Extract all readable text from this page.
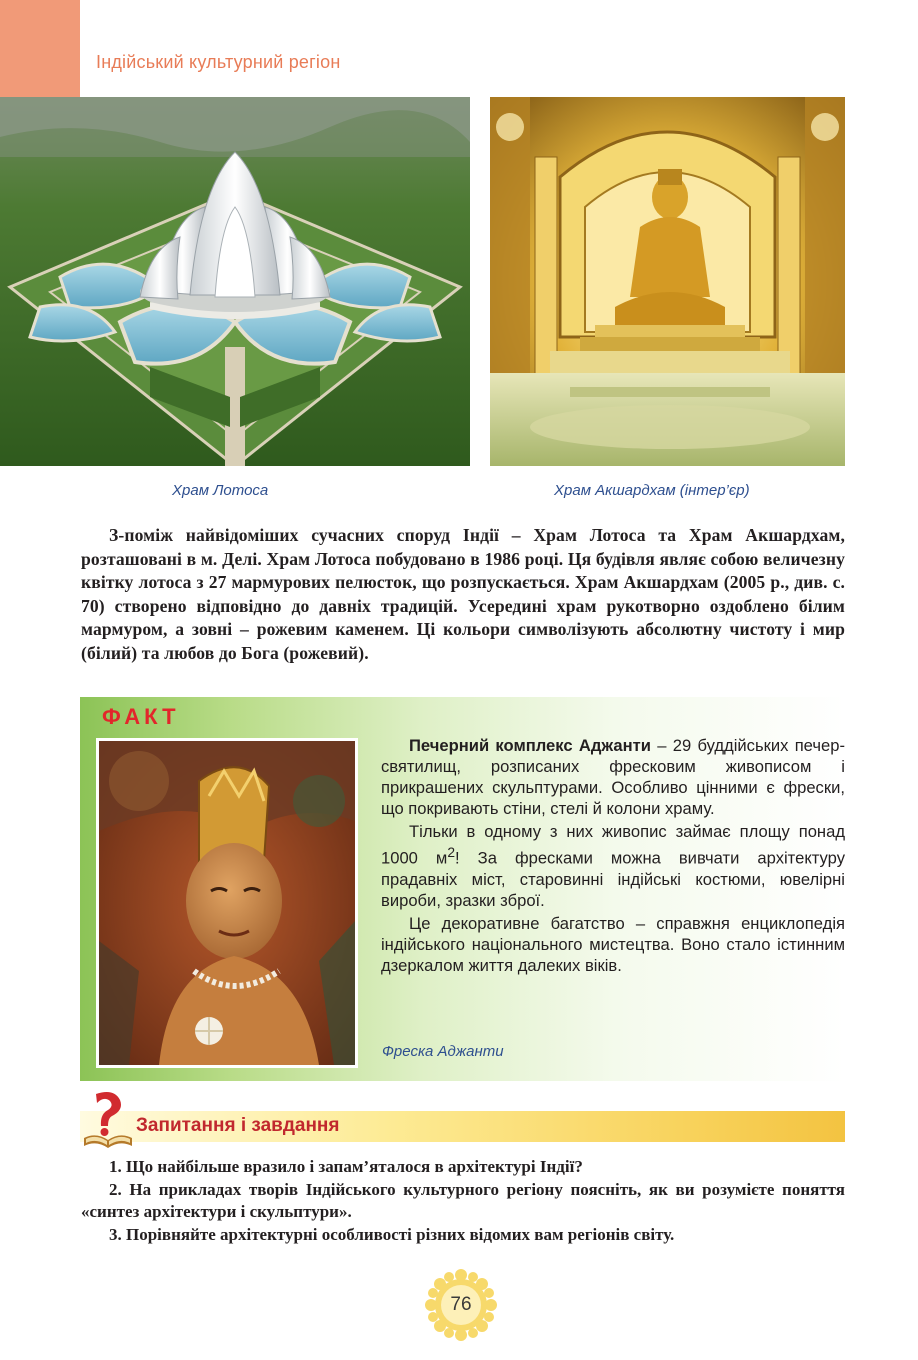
Індійський культурний регіон
Храм Лотоса	Храм Акшардхам (інтер’єр)

З-поміж найвідоміших сучасних споруд Індії – Храм Лотоса та Храм Акшардхам, розташовані в м. Делі. Храм Лотоса побудовано в 1986 році. Ця будівля являє собою величезну квітку лотоса з 27 мармурових пелюсток, що розпускається. Храм Акшардхам (2005 р., див. с. 70) створено відповідно до давніх традицій. Усередині храм рукотворно оздоблено білим мармуром, а зовні – рожевим каменем. Ці кольори символізують абсолютну чистоту і мир (білий) та любов до Бога (рожевий).

ФАКТ

Печерний комплекс Аджанти – 29 буддійських печер-святилищ, розписаних фресковим живописом і прикрашених скульптурами. Особливо цінними є фрески, що покривають стіни, стелі й колони храму.

Тільки в одному з них живопис займає площу понад 1000 $м^2$! За фресками можна вивчати архітектуру прадавніх міст, старовинні індійські костюми, ювелірні вироби, зразки зброї.

Це декоративне багатство – справжня енциклопедія індійського національного мистецтва. Воно стало істинним дзеркалом життя далеких віків.

Фреска Аджанти
Запитання і завдання
1. Що найбільше вразило і запам’яталося в архітектурі Індії?
2. На прикладах творів Індійського культурного регіону поясніть, як ви розумієте поняття «синтез архітектури і скульптури».
3. Порівняйте архітектурні особливості різних відомих вам регіонів світу.
76
